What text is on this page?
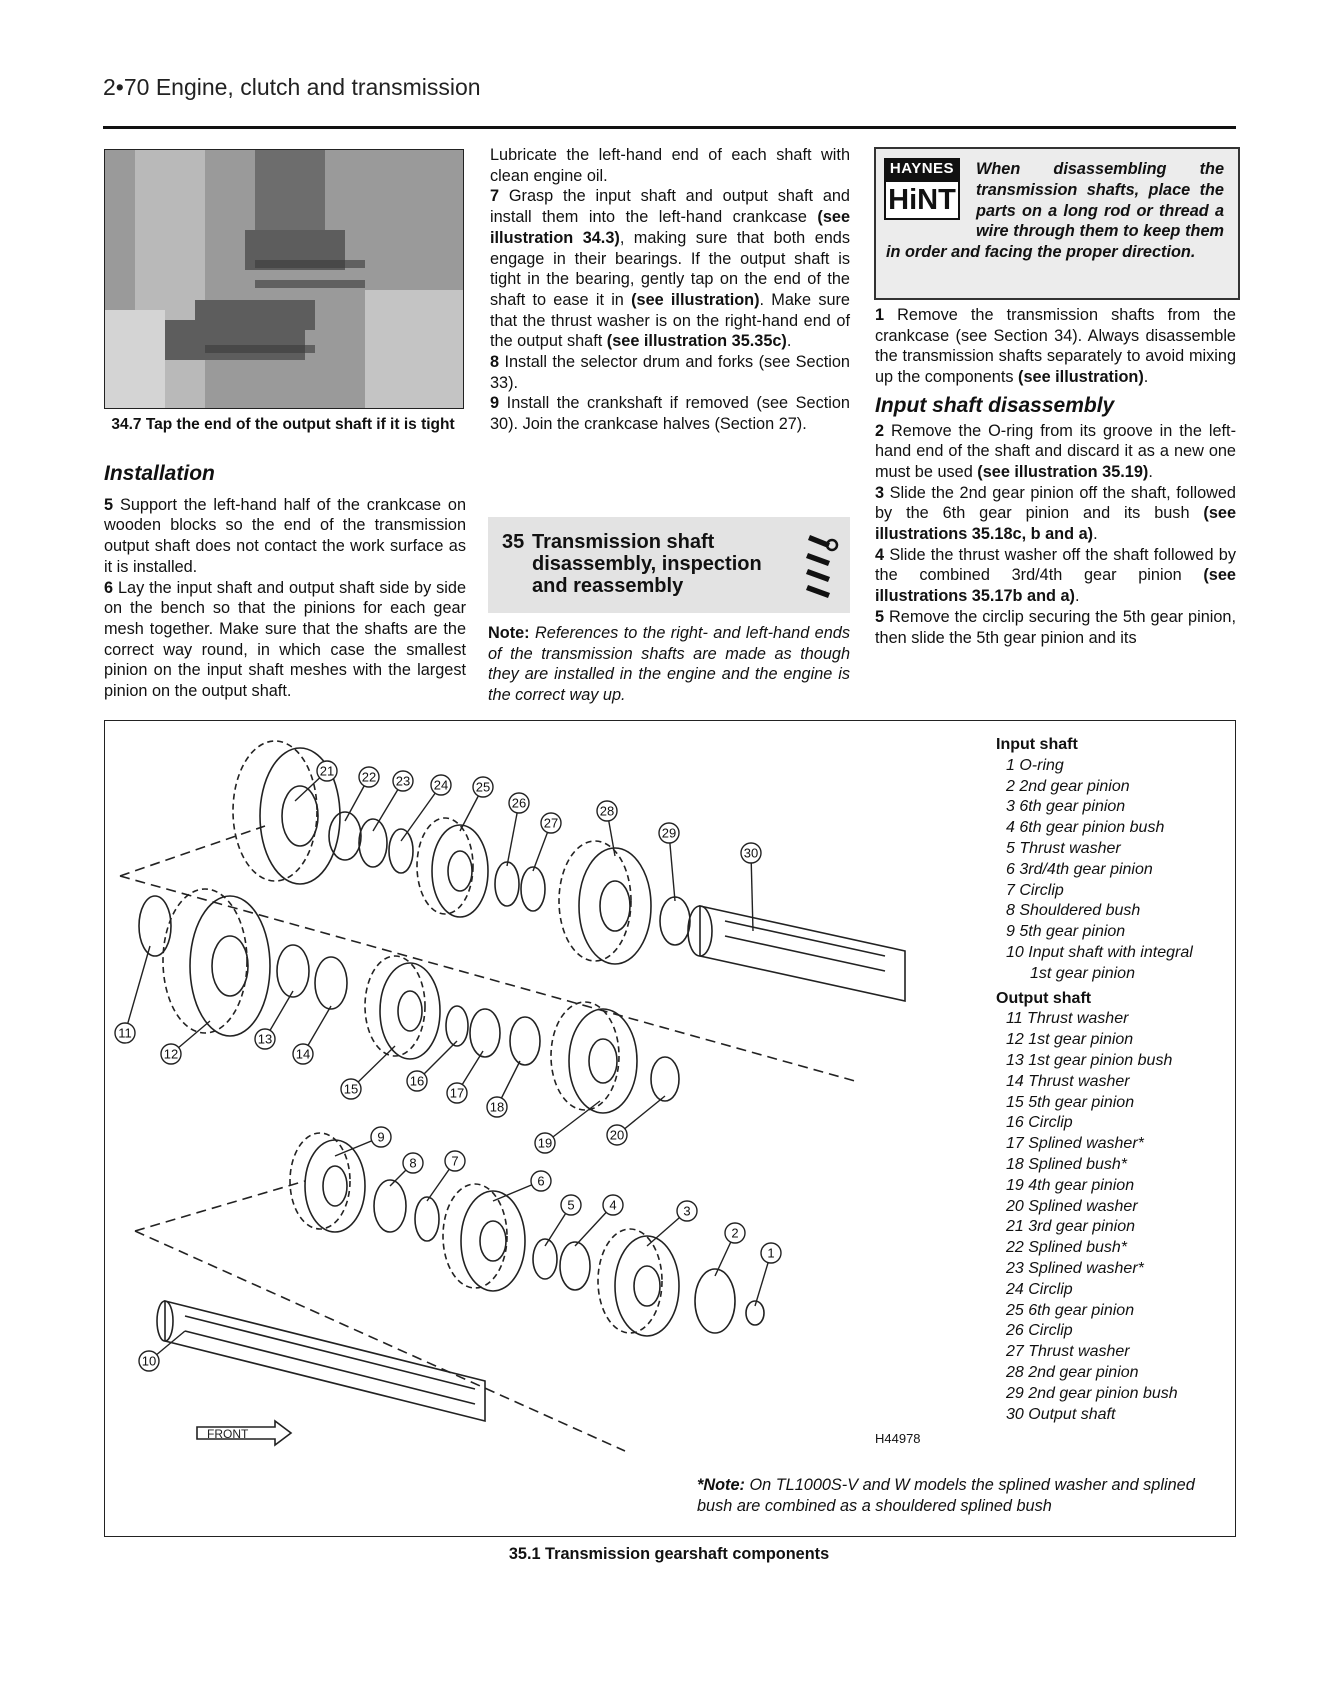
2•70 Engine, clutch and transmission
34.7 Tap the end of the output shaft if it is tight

Installation

5 Support the left-hand half of the crankcase on wooden blocks so the end of the transmission output shaft does not contact the work surface as it is installed.

6 Lay the input shaft and output shaft side by side on the bench so that the pinions for each gear mesh together. Make sure that the shafts are the correct way round, in which case the smallest pinion on the input shaft meshes with the largest pinion on the output shaft.

Lubricate the left-hand end of each shaft with clean engine oil.

7 Grasp the input shaft and output shaft and install them into the left-hand crankcase (see illustration 34.3), making sure that both ends engage in their bearings. If the output shaft is tight in the bearing, gently tap on the end of the shaft to ease it in (see illustration). Make sure that the thrust washer is on the right-hand end of the output shaft (see illustration 35.35c).

8 Install the selector drum and forks (see Section 33).

9 Install the crankshaft if removed (see Section 30). Join the crankcase halves (Section 27).

35 Transmission shaft disassembly, inspection and reassembly
Note: References to the right- and left-hand ends of the transmission shafts are made as though they are installed in the engine and the engine is the correct way up.
HAYNES
HiNT
When disassembling the transmission shafts, place the parts on a long rod or thread a wire through them to keep them in order and facing the proper direction.

1 Remove the transmission shafts from the crankcase (see Section 34). Always disassemble the transmission shafts separately to avoid mixing up the components (see illustration).

Input shaft disassembly

2 Remove the O-ring from its groove in the left-hand end of the shaft and discard it as a new one must be used (see illustration 35.19).

3 Slide the 2nd gear pinion off the shaft, followed by the 6th gear pinion and its bush (see illustrations 35.18c, b and a).

4 Slide the thrust washer off the shaft followed by the combined 3rd/4th gear pinion (see illustrations 35.17b and a).

5 Remove the circlip securing the 5th gear pinion, then slide the 5th gear pinion and its

FRONT
1
2
3
4
5
6
7
8
9
10
11
12
13
14
15
16
17
18
19
20
21 22 23 24 25
26
27
28
29
30
Input shaft
1 O-ring
2 2nd gear pinion
3 6th gear pinion
4 6th gear pinion bush
5 Thrust washer
6 3rd/4th gear pinion
7 Circlip
8 Shouldered bush
9 5th gear pinion
10 Input shaft with integral
1st gear pinion
Output shaft
11 Thrust washer
12 1st gear pinion
13 1st gear pinion bush
14 Thrust washer
15 5th gear pinion
16 Circlip
17 Splined washer*
18 Splined bush*
19 4th gear pinion
20 Splined washer
21 3rd gear pinion
22 Splined bush*
23 Splined washer*
24 Circlip
25 6th gear pinion
26 Circlip
27 Thrust washer
28 2nd gear pinion
29 2nd gear pinion bush
30 Output shaft
H44978
*Note: On TL1000S-V and W models the splined washer and splined bush are combined as a shouldered splined bush
35.1 Transmission gearshaft components
